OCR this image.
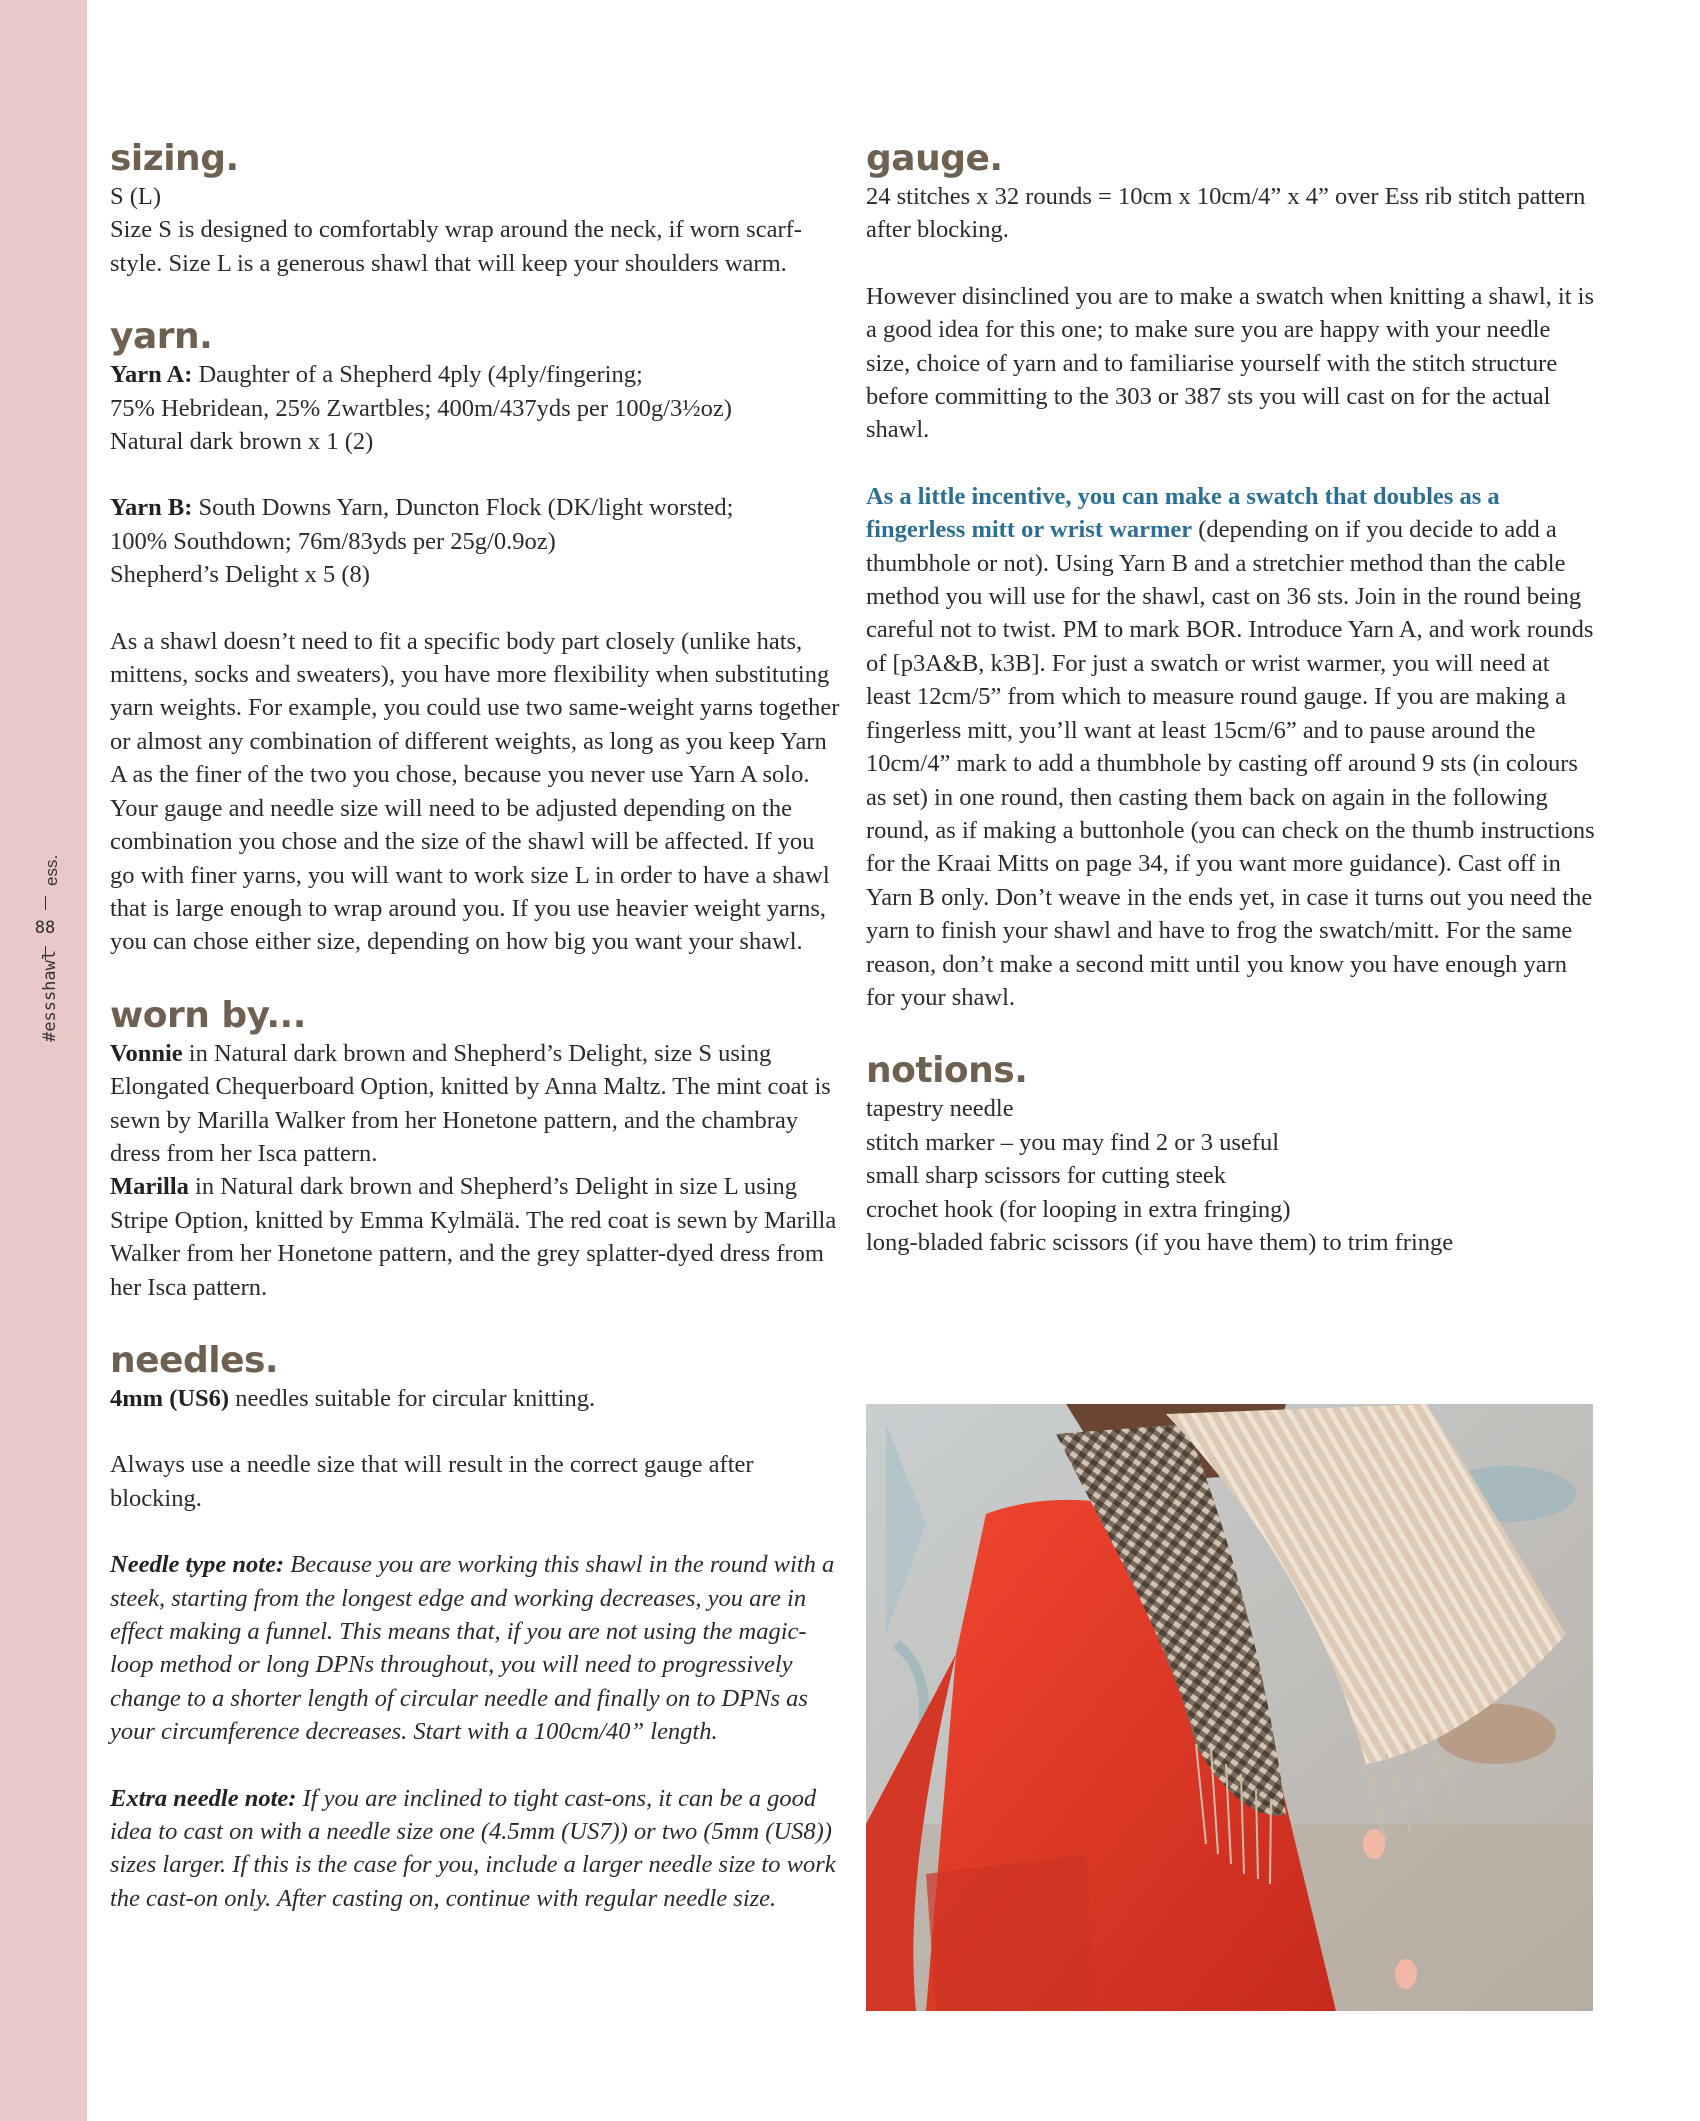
ess.
88
#essshawl
sizing.

S (L)

Size S is designed to comfortably wrap around the neck, if worn scarf-style. Size L is a generous shawl that will keep your shoulders warm.

yarn.

Yarn A: Daughter of a Shepherd 4ply (4ply/fingering;

75% Hebridean, 25% Zwartbles; 400m/437yds per 100g/3½oz)

Natural dark brown x 1 (2)

Yarn B: South Downs Yarn, Duncton Flock (DK/light worsted;

100% Southdown; 76m/83yds per 25g/0.9oz)

Shepherd’s Delight x 5 (8)

As a shawl doesn’t need to fit a specific body part closely (unlike hats, mittens, socks and sweaters), you have more flexibility when substituting yarn weights. For example, you could use two same-weight yarns together or almost any combination of different weights, as long as you keep Yarn A as the finer of the two you chose, because you never use Yarn A solo. Your gauge and needle size will need to be adjusted depending on the combination you chose and the size of the shawl will be affected. If you go with finer yarns, you will want to work size L in order to have a shawl that is large enough to wrap around you. If you use heavier weight yarns, you can chose either size, depending on how big you want your shawl.

worn by...

Vonnie in Natural dark brown and Shepherd’s Delight, size S using Elongated Chequerboard Option, knitted by Anna Maltz. The mint coat is sewn by Marilla Walker from her Honetone pattern, and the chambray dress from her Isca pattern.

Marilla in Natural dark brown and Shepherd’s Delight in size L using Stripe Option, knitted by Emma Kylmälä. The red coat is sewn by Marilla Walker from her Honetone pattern, and the grey splatter-dyed dress from her Isca pattern.

needles.

4mm (US6) needles suitable for circular knitting.

Always use a needle size that will result in the correct gauge after blocking.

Needle type note: Because you are working this shawl in the round with a steek, starting from the longest edge and working decreases, you are in effect making a funnel. This means that, if you are not using the magic-loop method or long DPNs throughout, you will need to progressively change to a shorter length of circular needle and finally on to DPNs as your circumference decreases. Start with a 100cm/40” length.

Extra needle note: If you are inclined to tight cast-ons, it can be a good idea to cast on with a needle size one (4.5mm (US7)) or two (5mm (US8)) sizes larger. If this is the case for you, include a larger needle size to work the cast-on only. After casting on, continue with regular needle size.

gauge.

24 stitches x 32 rounds = 10cm x 10cm/4” x 4” over Ess rib stitch pattern after blocking.

However disinclined you are to make a swatch when knitting a shawl, it is a good idea for this one; to make sure you are happy with your needle size, choice of yarn and to familiarise yourself with the stitch structure before committing to the 303 or 387 sts you will cast on for the actual shawl.

As a little incentive, you can make a swatch that doubles as a fingerless mitt or wrist warmer (depending on if you decide to add a thumbhole or not). Using Yarn B and a stretchier method than the cable method you will use for the shawl, cast on 36 sts. Join in the round being careful not to twist. PM to mark BOR. Introduce Yarn A, and work rounds of [p3A&B, k3B]. For just a swatch or wrist warmer, you will need at least 12cm/5” from which to measure round gauge. If you are making a fingerless mitt, you’ll want at least 15cm/6” and to pause around the 10cm/4” mark to add a thumbhole by casting off around 9 sts (in colours as set) in one round, then casting them back on again in the following round, as if making a buttonhole (you can check on the thumb instructions for the Kraai Mitts on page 34, if you want more guidance). Cast off in Yarn B only. Don’t weave in the ends yet, in case it turns out you need the yarn to finish your shawl and have to frog the swatch/mitt. For the same reason, don’t make a second mitt until you know you have enough yarn for your shawl.

notions.

tapestry needle

stitch marker – you may find 2 or 3 useful

small sharp scissors for cutting steek

crochet hook (for looping in extra fringing)

long-bladed fabric scissors (if you have them) to trim fringe
